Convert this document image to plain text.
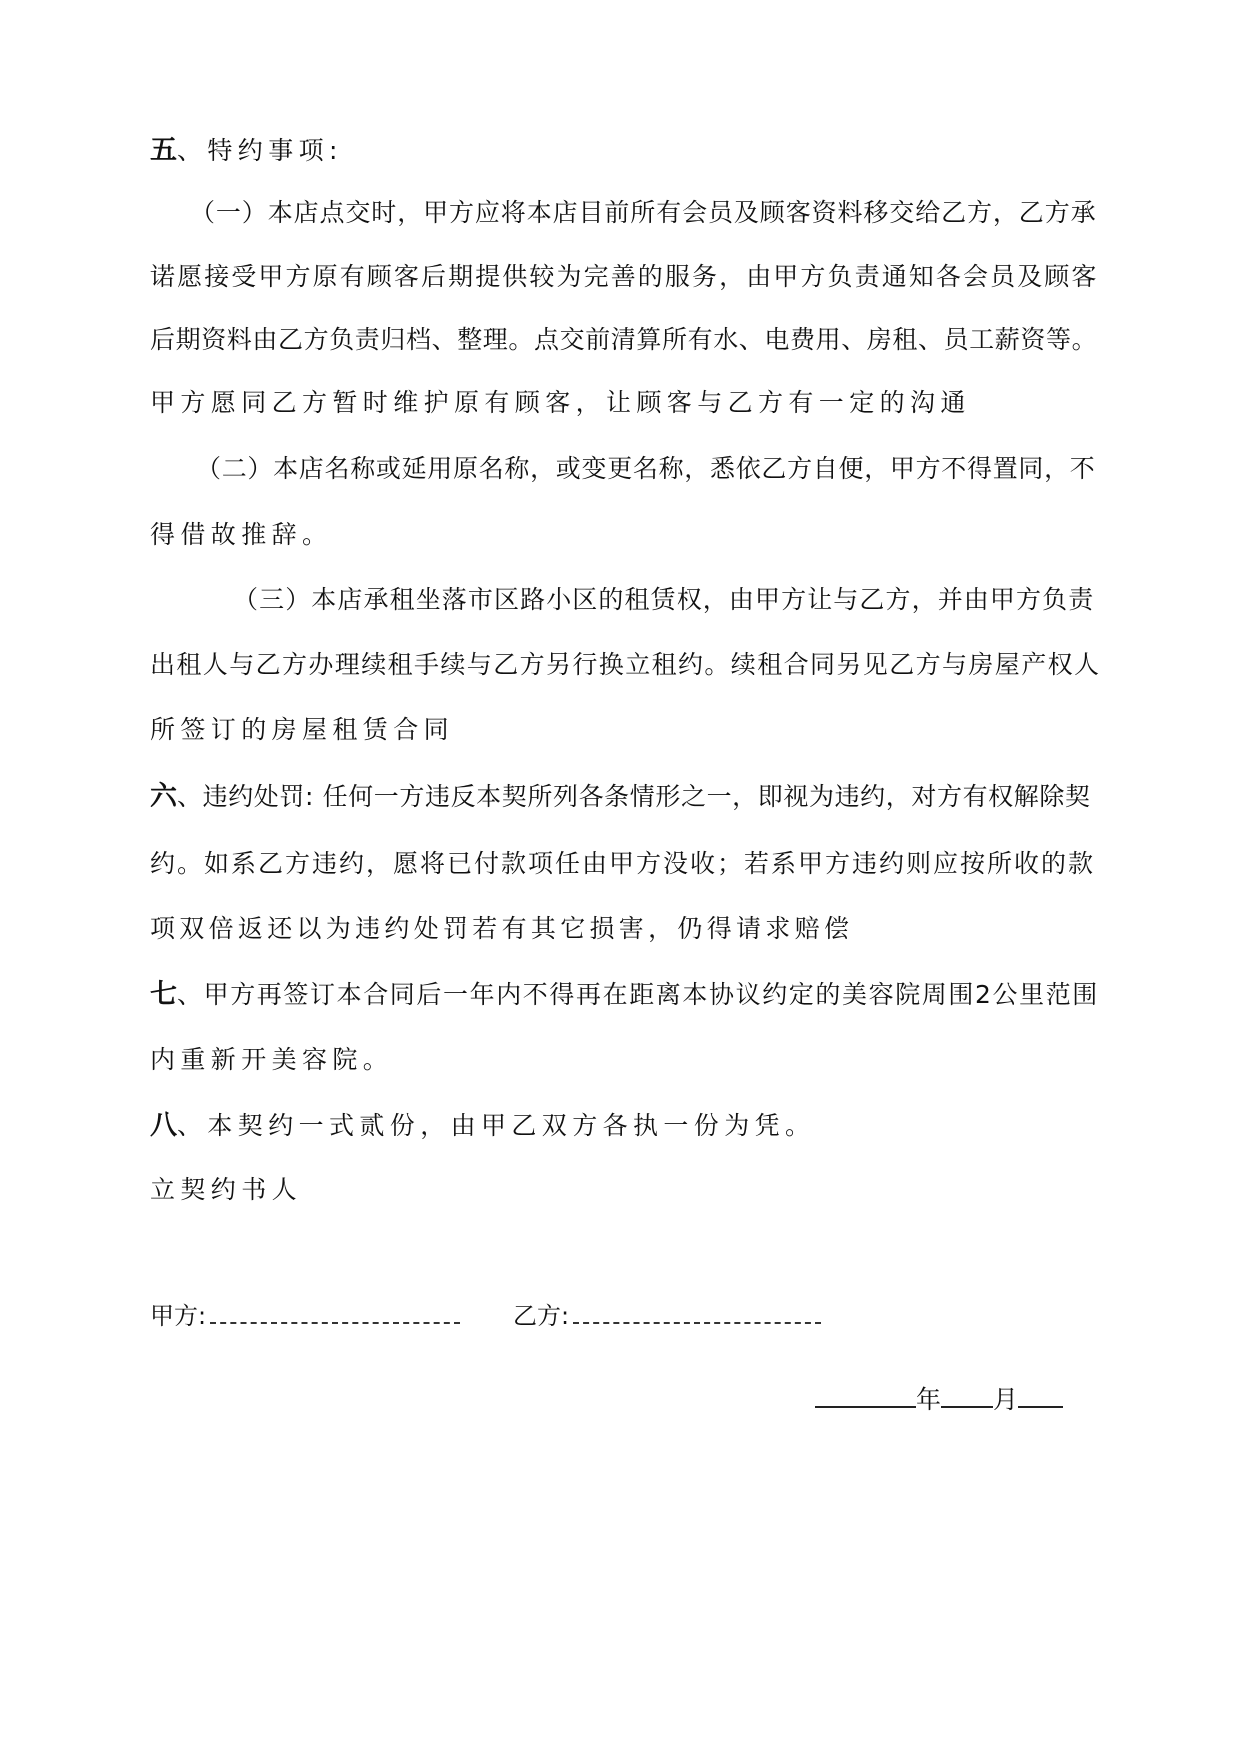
五、特约事项:
（一）本店点交时，甲方应将本店目前所有会员及顾客资料移交给乙方，乙方承
诺愿接受甲方原有顾客后期提供较为完善的服务，由甲方负责通知各会员及顾客
后期资料由乙方负责归档、整理。点交前清算所有水、电费用、房租、员工薪资等。
甲方愿同乙方暂时维护原有顾客，让顾客与乙方有一定的沟通
（二）本店名称或延用原名称，或变更名称，悉依乙方自便，甲方不得置同，不
得借故推辞。
（三）本店承租坐落市区路小区的租赁权，由甲方让与乙方，并由甲方负责
出租人与乙方办理续租手续与乙方另行换立租约。续租合同另见乙方与房屋产权人
所签订的房屋租赁合同
六、违约处罚: 任何一方违反本契所列各条情形之一，即视为违约，对方有权解除契
约。如系乙方违约，愿将已付款项任由甲方没收；若系甲方违约则应按所收的款
项双倍返还以为违约处罚若有其它损害，仍得请求赔偿
七、甲方再签订本合同后一年内不得再在距离本协议约定的美容院周围2公里范围
内重新开美容院。
八、本契约一式贰份，由甲乙双方各执一份为凭。
立契约书人
甲方:	乙方:
年 月
